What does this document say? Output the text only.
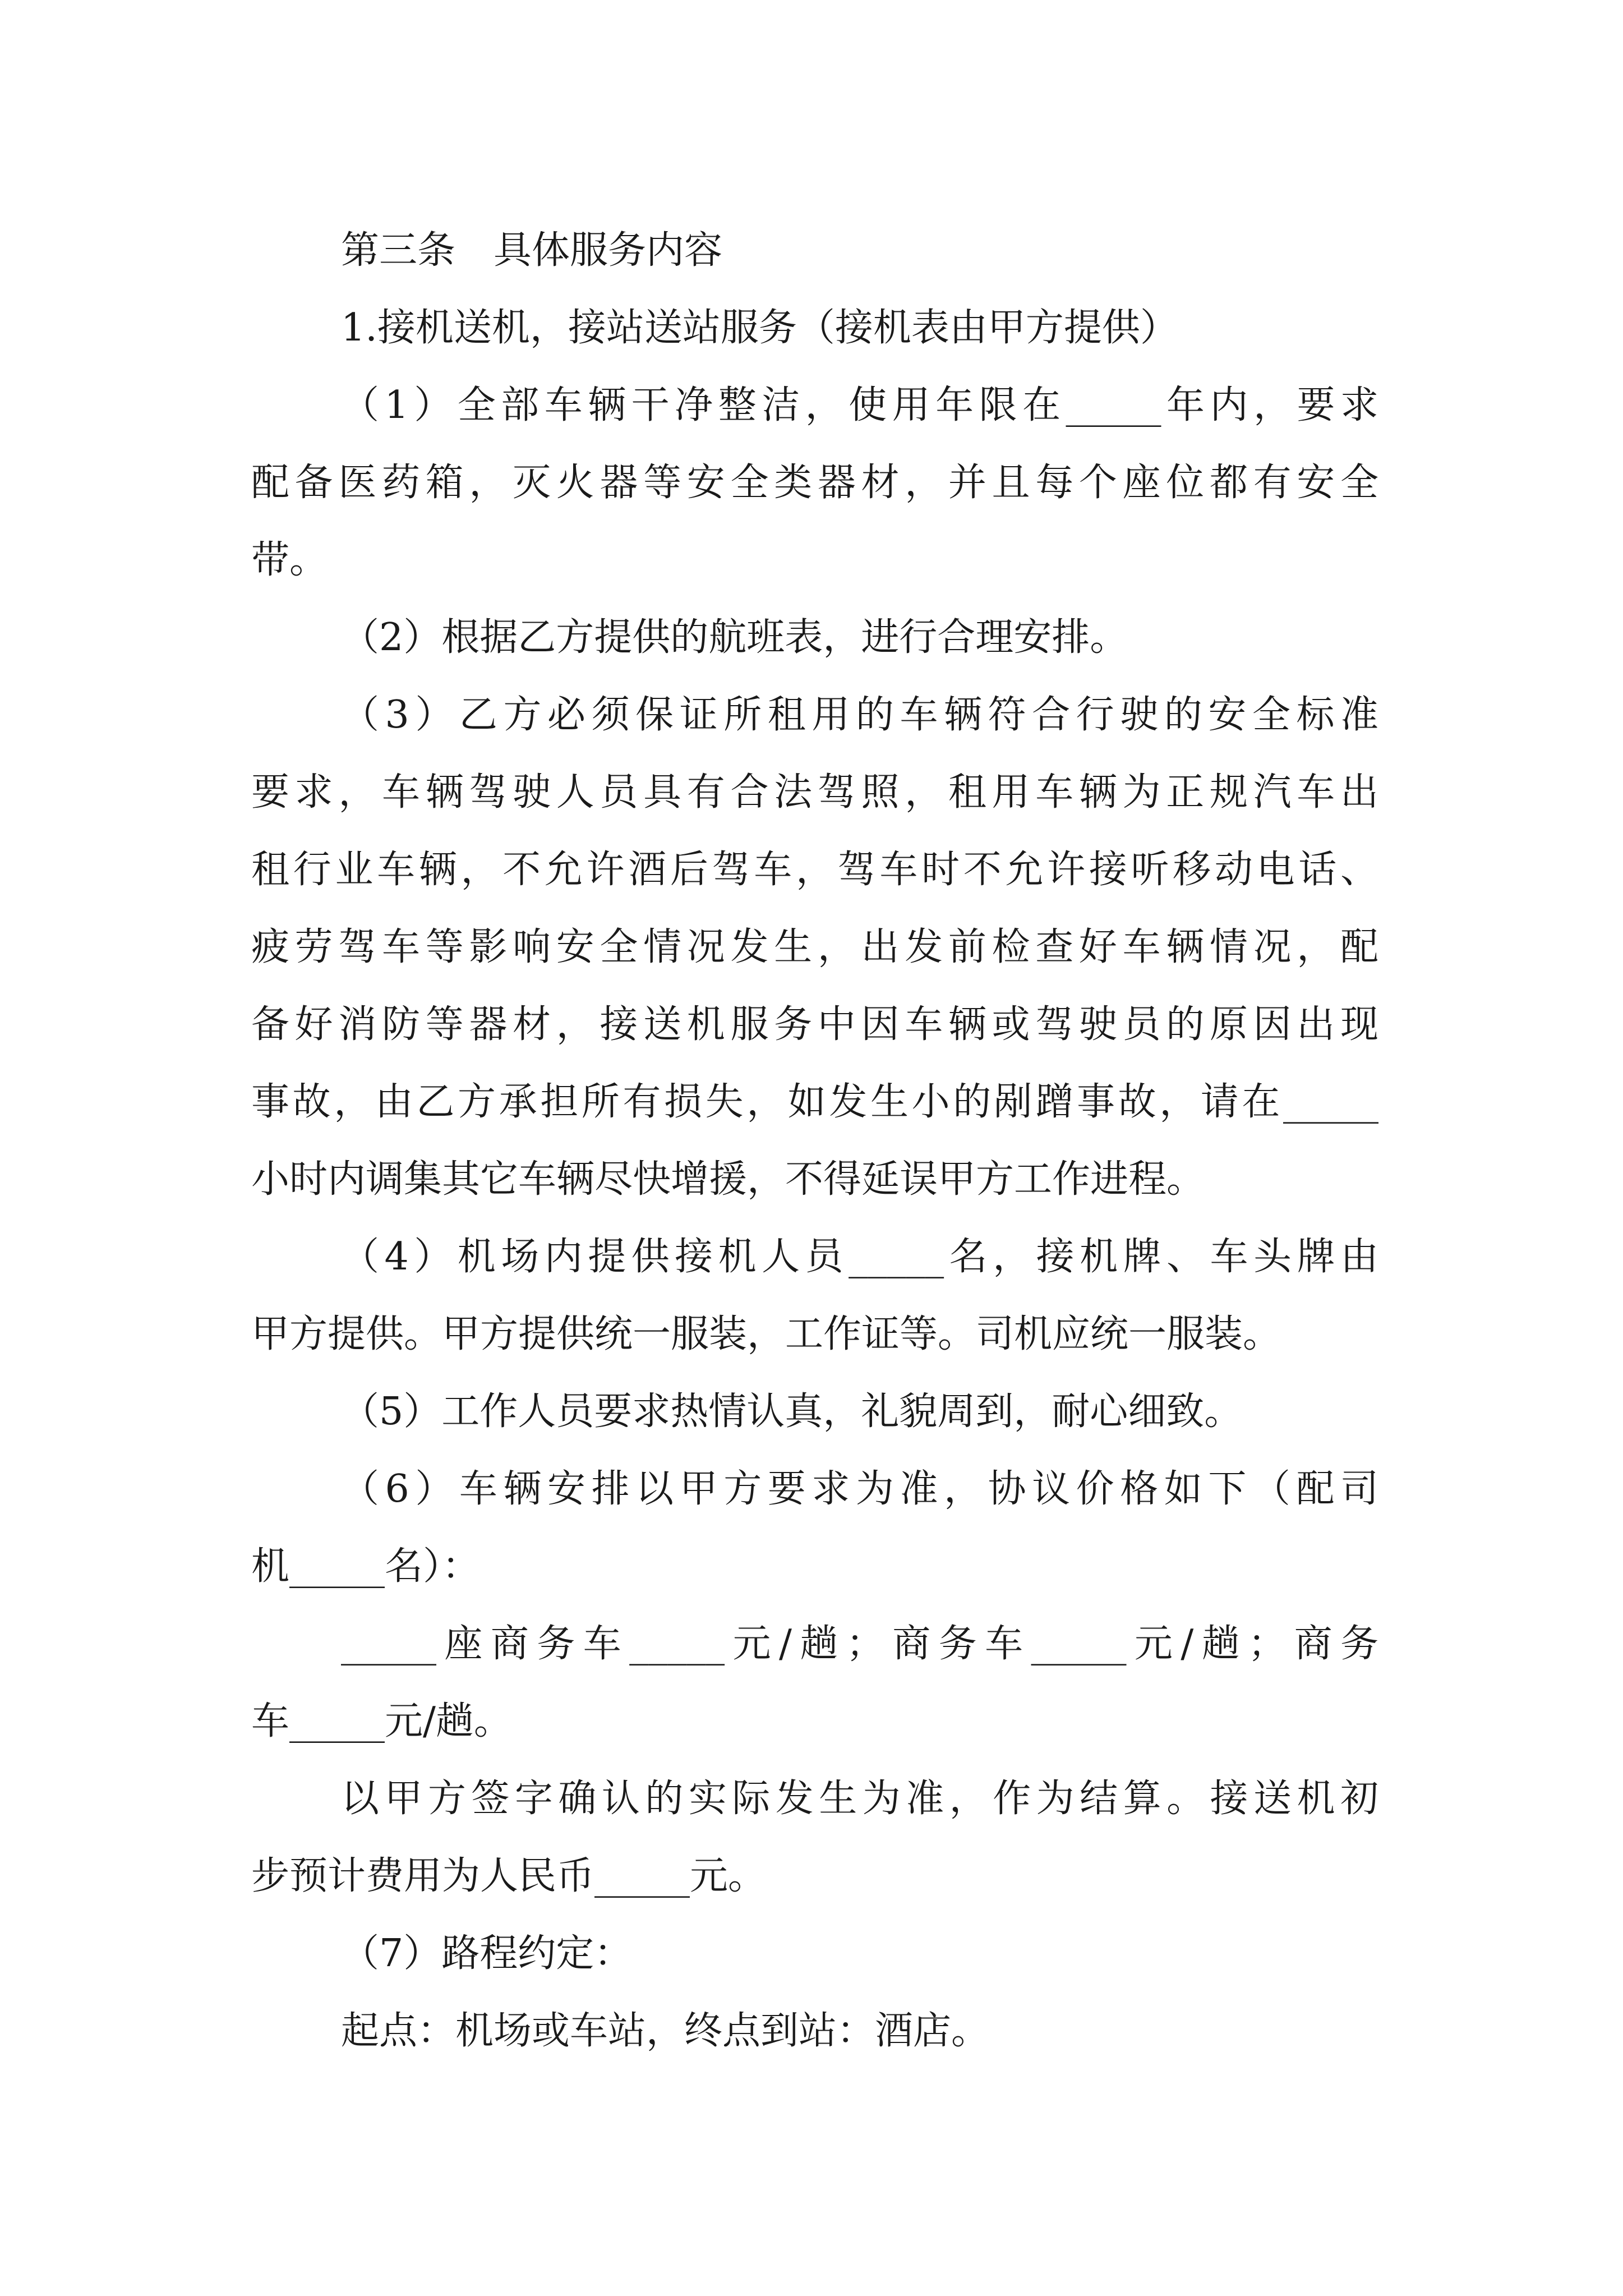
第三条　具体服务内容
1.接机送机，接站送站服务（接机表由甲方提供）
（1）全部车辆干净整洁，使用年限在_____年内，要求
配备医药箱，灭火器等安全类器材，并且每个座位都有安全
带。
（2）根据乙方提供的航班表，进行合理安排。
（3）乙方必须保证所租用的车辆符合行驶的安全标准
要求，车辆驾驶人员具有合法驾照，租用车辆为正规汽车出
租行业车辆，不允许酒后驾车，驾车时不允许接听移动电话、
疲劳驾车等影响安全情况发生，出发前检查好车辆情况，配
备好消防等器材，接送机服务中因车辆或驾驶员的原因出现
事故，由乙方承担所有损失，如发生小的剐蹭事故，请在_____
小时内调集其它车辆尽快增援，不得延误甲方工作进程。
（4）机场内提供接机人员_____名，接机牌、车头牌由
甲方提供。甲方提供统一服装，工作证等。司机应统一服装。
（5）工作人员要求热情认真，礼貌周到，耐心细致。
（6）车辆安排以甲方要求为准，协议价格如下（配司
机_____名）：
_____座商务车_____元/趟；商务车_____元/趟；商务
车_____元/趟。
以甲方签字确认的实际发生为准，作为结算。接送机初
步预计费用为人民币_____元。
（7）路程约定：
起点：机场或车站，终点到站：酒店。
